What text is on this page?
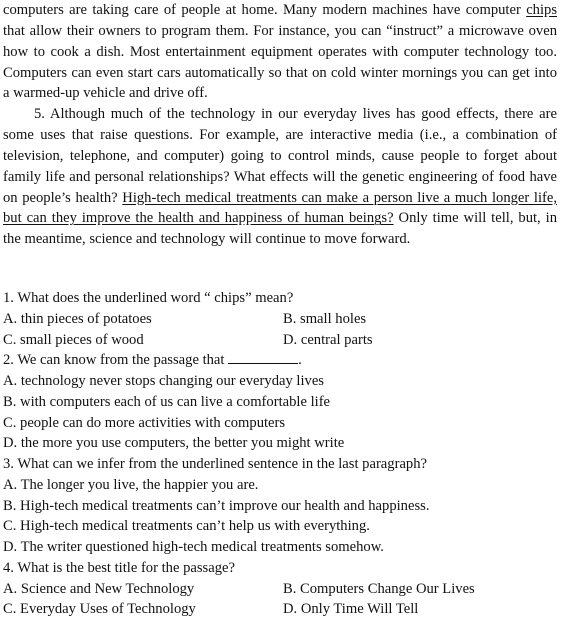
computers are taking care of people at home. Many modern machines have computer chips that allow their owners to program them. For instance, you can “instruct” a microwave oven how to cook a dish. Most entertainment equipment operates with computer technology too. Computers can even start cars automatically so that on cold winter mornings you can get into a warmed-up vehicle and drive off.

5. Although much of the technology in our everyday lives has good effects, there are some uses that raise questions. For example, are interactive media (i.e., a combination of television, telephone, and computer) going to control minds, cause people to forget about family life and personal relationships? What effects will the genetic engineering of food have on people’s health? High-tech medical treatments can make a person live a much longer life, but can they improve the health and happiness of human beings? Only time will tell, but, in the meantime, science and technology will continue to move forward.

1. What does the underlined word “ chips” mean?
A. thin pieces of potatoes	B. small holes
C. small pieces of wood	D. central parts
2. We can know from the passage that	.
A. technology never stops changing our everyday lives
B. with computers each of us can live a comfortable life
C. people can do more activities with computers
D. the more you use computers, the better you might write
3. What can we infer from the underlined sentence in the last paragraph?
A. The longer you live, the happier you are.
B. High-tech medical treatments can’t improve our health and happiness.
C. High-tech medical treatments can’t help us with everything.
D. The writer questioned high-tech medical treatments somehow.
4. What is the best title for the passage?
A. Science and New Technology	B. Computers Change Our Lives
C. Everyday Uses of Technology	D. Only Time Will Tell
